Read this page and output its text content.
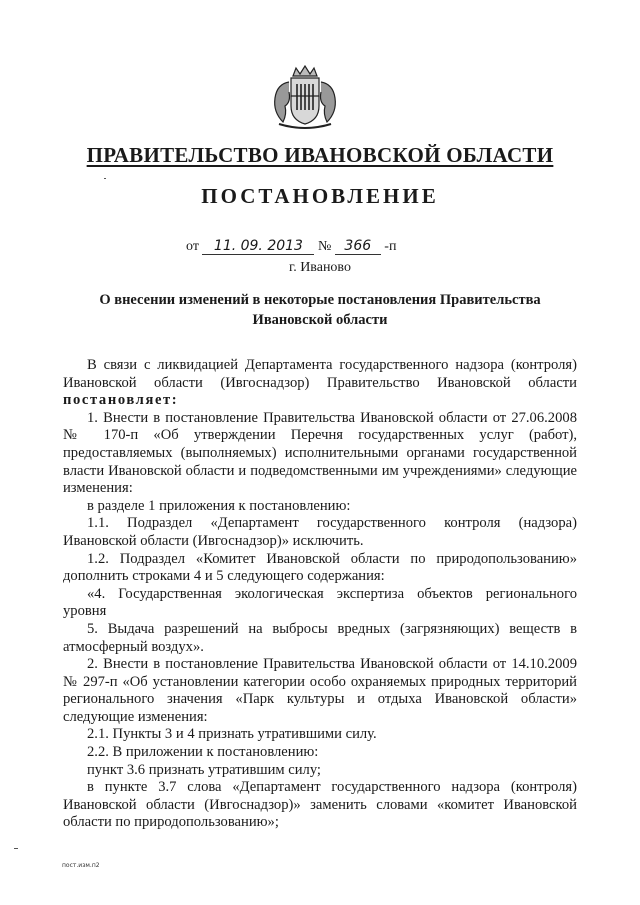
ПРАВИТЕЛЬСТВО ИВАНОВСКОЙ ОБЛАСТИ
ПОСТАНОВЛЕНИЕ
от 11. 09. 2013 № 366 -п
г. Иваново
О внесении изменений в некоторые постановления Правительства Ивановской области

В связи с ликвидацией Департамента государственного надзора (контроля) Ивановской области (Ивгоснадзор) Правительство Ивановской области постановляет:

1. Внести в постановление Правительства Ивановской области от 27.06.2008 № 170-п «Об утверждении Перечня государственных услуг (работ), предоставляемых (выполняемых) исполнительными органами государственной власти Ивановской области и подведомственными им учреждениями» следующие изменения:

в разделе 1 приложения к постановлению:

1.1. Подраздел «Департамент государственного контроля (надзора) Ивановской области (Ивгоснадзор)» исключить.

1.2. Подраздел «Комитет Ивановской области по природопользованию» дополнить строками 4 и 5 следующего содержания:

«4. Государственная экологическая экспертиза объектов регионального уровня

5. Выдача разрешений на выбросы вредных (загрязняющих) веществ в атмосферный воздух».

2. Внести в постановление Правительства Ивановской области от 14.10.2009 № 297-п «Об установлении категории особо охраняемых природных территорий регионального значения «Парк культуры и отдыха Ивановской области» следующие изменения:

2.1. Пункты 3 и 4 признать утратившими силу.

2.2. В приложении к постановлению:

пункт 3.6 признать утратившим силу;

в пункте 3.7 слова «Департамент государственного надзора (контроля) Ивановской области (Ивгоснадзор)» заменить словами «комитет Ивановской области по природопользованию»;

пост.изм.п2
